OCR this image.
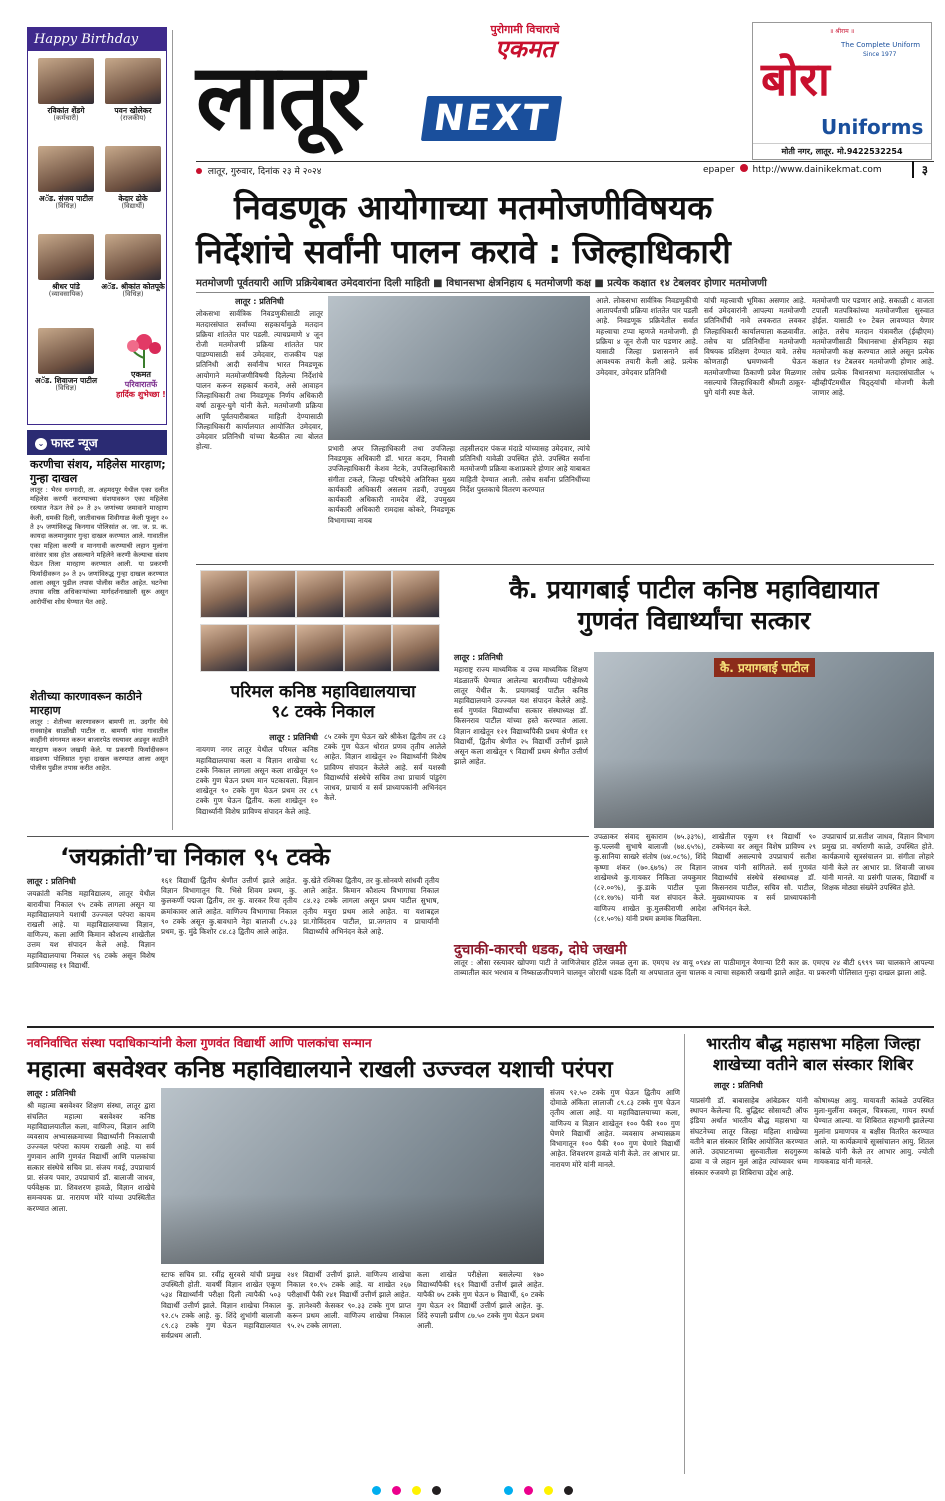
Happy Birthday
रविकांत शेंडगे
(कर्मचारी)
पवन खोलेकर
(राजकीय)
अॅड. संजय पाटील
(विधिज्ञ)
केदार ढोके
(विद्यार्थी)
श्रीधर पांडे
(व्यावसायिक)
अॅड. श्रीकांत कोतपूके
(विधिज्ञ)
अॅड. शिवाजन पाटील
(विधिज्ञ)
एकमत
परिवारातर्फे
हार्दिक शुभेच्छा !
⌄ फास्ट न्यूज
करणीचा संशय, महिलेस मारहाण; गुन्हा दाखल
लातूर : भैरव धनगादी, ता. अहमदपूर येथील एका दलीत महिलेस करणी करण्याच्या संशयावरून एका महिलेस रस्त्यात नेऊन तेथे ३० ते ३५ जणांच्या जमावाने मारहाण केली, धमकी दिली, जातीवाचक शिवीगाळ केली फूलून २० ते ३५ जणांविरुद्ध किनगाव पोलिसांत अ. जा. ज. प्र. क. कायदा कलमानुसार गुन्हा दाखल करण्यात आले. गावातील एका महिला करणी व मानगावी करण्याची लहान मुलांना वारंवार त्रास होत असल्याने महिलेने करणी केल्याचा संशय घेऊन तिला मारहाण करण्यात आली. या प्रकरणी फिर्यादीवरून ३० ते ३५ जणांविरुद्ध गुन्हा दाखल करण्यात आला असून पुढील तपास पोलीस करीत आहेत. घटनेचा तपास वरिष्ठ अधिकाऱ्यांच्या मार्गदर्शनाखाली सुरू असून आरोपींचा शोध घेण्यात येत आहे.
शेतीच्या कारणावरून काठीने मारहाण
लातूर : शेतीच्या कारणावरून बामणी ता. उदगीर येथे रावसाहेब साळोंखी पाटील रा. बामणी यांना गावातील काहींनी संगनमत करून बाजारपेठ रस्त्यावर अडवून काठीने मारहाण करून जखमी केले. या प्रकरणी फिर्यादीवरून वाढवणा पोलिसात गुन्हा दाखल करण्यात आला असून पोलीस पुढील तपास करीत आहेत.
लातूर
पुरोगामी विचाराचे
एकमत
NEXT
लातूर, गुरुवार, दिनांक २३ मे २०२४	epaper http://www.dainikekmat.com	३
॥ श्रीराम ॥
The Complete Uniform
Since 1977
बोरा
Uniforms
मोती नगर, लातूर. मो.9422532254
निवडणूक आयोगाच्या मतमोजणीविषयक
निर्देशांचे सर्वांनी पालन करावे : जिल्हाधिकारी
मतमोजणी पूर्वतयारी आणि प्रक्रियेबाबत उमेदवारांना दिली माहिती ■ विधानसभा क्षेत्रनिहाय ६ मतमोजणी कक्ष ■ प्रत्येक कक्षात १४ टेबलवर होणार मतमोजणी
लातूर : प्रतिनिधी
लोकसभा सार्वत्रिक निवडणुकीसाठी लातूर मतदारसंघात सर्वांच्या सहकार्यामुळे मतदान प्रक्रिया शांततेत पार पडली. त्याचप्रमाणे ४ जून रोजी मतमोजणी प्रक्रिया शांततेत पार पाडण्यासाठी सर्व उमेदवार, राजकीय पक्ष प्रतिनिधी आदी सर्वांनीच भारत निवडणूक आयोगाने मतमोजणीविषयी दिलेल्या निर्देशांचे पालन करून सहकार्य करावे, असे आवाहन जिल्हाधिकारी तथा निवडणूक निर्णय अधिकारी वर्षा ठाकूर-घुगे यांनी केले. मतमोजणी प्रक्रिया आणि पूर्वतयारीबाबत माहिती देण्यासाठी जिल्हाधिकारी कार्यालयात आयोजित उमेदवार, उमेदवार प्रतिनिधी यांच्या बैठकीत त्या बोलत होत्या.
आले. लोकसभा सार्वत्रिक निवडणुकीची आतापर्यंतची प्रक्रिया शांततेत पार पडली आहे. निवडणूक प्रक्रियेतील सर्वात महत्त्वाचा टप्पा म्हणजे मतमोजणी. ही प्रक्रिया ४ जून रोजी पार पडणार आहे. यासाठी जिल्हा प्रशासनाने सर्व आवश्यक तयारी केली आहे. प्रत्येक उमेदवार, उमेदवार प्रतिनिधी
यांची महत्त्वाची भूमिका असणार आहे. सर्व उमेदवारांनी आपल्या मतमोजणी प्रतिनिधींची नावे लवकरात लवकर जिल्हाधिकारी कार्यालयाला कळवावीत. तसेच या प्रतिनिधींना मतमोजणी विषयक प्रशिक्षण देण्यात यावे. तसेच कोणताही भ्रमणध्वनी घेऊन मतमोजणीच्या ठिकाणी प्रवेश मिळणार नसल्याचे जिल्हाधिकारी श्रीमती ठाकूर-घुगे यांनी स्पष्ट केले.
मतमोजणी पार पडणार आहे. सकाळी ८ वाजता टपाली मतपत्रिकांच्या मतमोजणीला सुरुवात होईल. यासाठी १० टेबल लावण्यात येणार आहेत. तसेच मतदान यंत्रावरील (ईव्हीएम) मतमोजणीसाठी विधानसभा क्षेत्रनिहाय सहा मतमोजणी कक्ष करण्यात आले असून प्रत्येक कक्षात १४ टेबलवर मतमोजणी होणार आहे. तसेच प्रत्येक विधानसभा मतदारसंघातील ५ व्हीव्हीपॅटमधील चिठ्ठ्यांची मोजणी केली जाणार आहे.
प्रभारी अपर जिल्हाधिकारी तथा उपजिल्हा निवडणूक अधिकारी डॉ. भारत कदम, निवासी उपजिल्हाधिकारी केशव नेटके, उपजिल्हाधिकारी संगीता टकले, जिल्हा परिषदेचे अतिरिक्त मुख्य कार्यकारी अधिकारी असलम तडवी, उपमुख्य कार्यकारी अधिकारी नामदेव शेंडे, उपमुख्य कार्यकारी अधिकारी रामदास कोकरे, निवडणूक विभागाच्या नायब
तहसीलदार पंकज मंदाडे यांच्यासह उमेदवार, त्यांचे प्रतिनिधी यावेळी उपस्थित होते. उपस्थित सर्वांना मतमोजणी प्रक्रिया कशाप्रकारे होणार आहे याबाबत माहिती देण्यात आली. तसेच सर्वांना प्रतिनिधींच्या निर्देश पुस्तकाचे वितरण करण्यात
परिमल कनिष्ठ महाविद्यालयाचा
९८ टक्के निकाल
लातूर : प्रतिनिधी
नायगण नगर लातूर येथील परिमल कनिष्ठ महाविद्यालयाचा कला व विज्ञान शाखेचा ९८ टक्के निकाल लागला असून कला शाखेतून ९० टक्के गुण घेऊन प्रथम मान पटकावला. विज्ञान शाखेतून ९० टक्के गुण घेऊन प्रथम तर ८९ टक्के गुण घेऊन द्वितीय. कला शाखेतून १० विद्यार्थ्यांनी विशेष प्राविण्य संपादन केले आहे.
८५ टक्के गुण घेऊन खरे श्रीकेश द्वितीय तर ८३ टक्के गुण घेऊन थोरात प्रणव तृतीय आलेले आहेत. विज्ञान शाखेतून २० विद्यार्थ्यांनी विशेष प्राविण्य संपादन केलेले आहे. सर्व यशस्वी विद्यार्थ्यांचे संस्थेचे सचिव तथा प्राचार्य पांडुरंग जाधव, प्राचार्य व सर्व प्राध्यापकांनी अभिनंदन केले.
कै. प्रयागबाई पाटील कनिष्ठ महाविद्यायात
गुणवंत विद्यार्थ्यांचा सत्कार
लातूर : प्रतिनिधी
महाराष्ट्र राज्य माध्यमिक व उच्च माध्यमिक शिक्षण मंडळातर्फे घेण्यात आलेल्या बारावीच्या परीक्षेमध्ये लातूर येथील कै. प्रयागबाई पाटील कनिष्ठ महाविद्यालयाने उज्ज्वल यश संपादन केलेले आहे. सर्व गुणवंत विद्यार्थ्यांचा सत्कार संस्थाध्यक्ष डॉ. किसनराव पाटील यांच्या हस्ते करण्यात आला. विज्ञान शाखेतून १२१ विद्यार्थ्यांपैकी प्रथम श्रेणीत ११ विद्यार्थी, द्वितीय श्रेणीत २५ विद्यार्थी उत्तीर्ण झाले असून कला शाखेतून ९ विद्यार्थी प्रथम श्रेणीत उत्तीर्ण झाले आहेत.
कै. प्रयागबाई पाटील
उपळाकर संवाद सुकाराम (७५.३३%), कु.पल्लवी सुभाषे बालाजी (७४.६५%), कु.सानिया साखरे संतोष (७४.०८%), शिंदे कृष्णा शंकर (७०.६७%) तर विज्ञान शाखेमध्ये कु.गायकर निकिता जयकुमार (८२.००%), कु.डाके पाटील पूजा (८१.१७%) यांनी यश संपादन केले. वाणिज्य शाखेत कु.मुलकीराणी आदेश (८१.५०%) यांनी प्रथम क्रमांक मिळविला.
शाखेतील एकूण ११ विद्यार्थी ९० टक्केच्या वर असून विशेष प्राविण्य २९ विद्यार्थी असल्याचे उपप्राचार्य सतीश जाधव यांनी सांगितले. सर्व गुणवंत विद्यार्थ्यांचे संस्थेचे संस्थाध्यक्ष डॉ. किसनराव पाटील, सचिव सौ. पाटील, मुख्याध्यापक व सर्व प्राध्यापकांनी अभिनंदन केले.
उपप्राचार्य प्रा.सतीश जाधव, विज्ञान विभाग प्रमुख प्रा. वर्षाराणी काळे, उपस्थित होते. कार्यक्रमाचे सूत्रसंचालन प्रा. संगीता लोहारे यांनी केले तर आभार प्रा. शिवाजी जाधव यांनी मानले. या प्रसंगी पालक, विद्यार्थी व शिक्षक मोठ्या संख्येने उपस्थित होते.
‘जयक्रांती’चा निकाल ९५ टक्के
लातूर : प्रतिनिधी
जयक्रांती कनिष्ठ महाविद्यालय, लातूर येथील बारावीचा निकाल ९५ टक्के लागला असून या महाविद्यालयाने यशाची उज्ज्वल परंपरा कायम राखली आहे. या महाविद्यालयाच्या विज्ञान, वाणिज्य, कला आणि किमान कौशल्य शाखेतील उत्तम यश संपादन केले आहे. विज्ञान महाविद्यालयाचा निकाल ९६ टक्के असून विशेष प्राविण्यासह ११ विद्यार्थी.
१६१ विद्यार्थी द्वितीय श्रेणीत उत्तीर्ण झाले आहेत. विज्ञान विभागातून चि. भिसे शिवम प्रथम, कु. कुलकर्णी पद्मजा द्वितीय, तर कु. वारकर रिया तृतीय क्रमांकावर आले आहेत. वाणिज्य विभागाचा निकाल ९० टक्के असून कु.बावधाने नेहा बालाजी ८५.३३ प्रथम, कु. मुंढे किशोर ८४.८३ द्वितीय आले आहेत.
कु.खेते रश्मिका द्वितीय, तर कु.सोनवणे सांधवी तृतीय आले आहेत. किमान कौशल्य विभागाचा निकाल ८४.२३ टक्के लागला असून प्रथम पाटील सुभाष, तृतीय मयुरा प्रथम आले आहेत. या यशाबद्दल प्रा.गोविंदराव पाटील, प्रा.जगताप व प्राचार्यांनी विद्यार्थ्यांचे अभिनंदन केले आहे.
दुचाकी-कारची धडक, दोघे जखमी
लातूर : औसा रस्त्यावर खोपणा पाटी ते जाणिजेचार हॉटेल जवळ लुना क्र. एमएच २४ वायू ०९४४ ला पाठीमागून येणाऱ्या टिरी कार क्र. एमएच २४ बीटी ६९९९ च्या चालकाने आपल्या ताब्यातील कार भरधाव व निष्काळजीपणाने चालवून जोराची धडक दिली या अपघातात लुना चालक व त्याचा सहकारी जखमी झाले आहेत. या प्रकरणी पोलिसात गुन्हा दाखल झाला आहे.
नवनिर्वाचित संस्था पदाधिकाऱ्यांनी केला गुणवंत विद्यार्थी आणि पालकांचा सन्मान
महात्मा बसवेश्वर कनिष्ठ महाविद्यालयाने राखली उज्ज्वल यशाची परंपरा
लातूर : प्रतिनिधी
श्री महात्मा बसवेश्वर शिक्षण संस्था, लातूर द्वारा संचलित महात्मा बसवेश्वर कनिष्ठ महाविद्यालयातील कला, वाणिज्य, विज्ञान आणि व्यवसाय अभ्यासक्रमाच्या विद्यार्थ्यांनी निकालाची उज्ज्वल परंपरा कायम राखली आहे. या सर्व गुणवान आणि गुणवंत विद्यार्थी आणि पालकांचा सत्कार संस्थेचे सचिव प्रा. संजय गवई, उपप्राचार्य प्रा. संजय पवार, उपप्राचार्य डॉ. बालाजी जाधव, पर्यवेक्षक प्रा. शिवशरण हावळे, विज्ञान शाखेचे समन्वयक प्रा. नारायण मोरे यांच्या उपस्थितीत करण्यात आला.
संजय ९२.५० टक्के गुण घेऊन द्वितीय आणि दोमाळे अंकिता लालाजी ८९.८३ टक्के गुण घेऊन तृतीय आला आहे. या महाविद्यालयाच्या कला, वाणिज्य व विज्ञान शाखेतून १०० पैकी १०० गुण घेणारे विद्यार्थी आहेत. व्यवसाय अभ्यासक्रम विभागातून १०० पैकी १०० गुण घेणारे विद्यार्थी आहेत. शिवशरण हावळे यांनी केले. तर आभार प्रा. नारायण मोरे यांनी मानले.
स्टाफ सचिव प्रा. रवींद्र सुरवसे यांची प्रमुख उपस्थिती होती. यावर्षी विज्ञान शाखेत एकूण ५३४ विद्यार्थ्यांनी परीक्षा दिली त्यापैकी ५०३ विद्यार्थी उत्तीर्ण झाले. विज्ञान शाखेचा निकाल ९२.८५ टक्के आहे. कु. शिंदे शुभांगी बालाजी ८९.८३ टक्के गुण घेऊन महाविद्यालयात सर्वप्रथम आली.
२४१ विद्यार्थी उत्तीर्ण झाले. वाणिज्य शाखेचा निकाल १०.९५ टक्के आहे. या शाखेत २६७ परीक्षार्थी पैकी २४१ विद्यार्थी उत्तीर्ण झाले आहेत. कु. ज्ञानेश्वरी केसकर ९०.३३ टक्के गुण प्राप्त करून प्रथम आली. वाणिज्य शाखेचा निकाल ९५.२५ टक्के लागला.
कला शाखेत परीक्षेला बसलेल्या १७० विद्यार्थ्यांपैकी १६१ विद्यार्थी उत्तीर्ण झाले आहेत. यापैकी ७५ टक्के गुण घेऊन ७ विद्यार्थी, ६० टक्के गुण घेऊन २१ विद्यार्थी उत्तीर्ण झाले आहेत. कु. शिंदे रुपाली प्रवीण ८७.५० टक्के गुण घेऊन प्रथम आली.
भारतीय बौद्ध महासभा महिला जिल्हा
शाखेच्या वतीने बाल संस्कार शिबिर
लातूर : प्रतिनिधी
याप्रसंगी डॉ. बाबासाहेब आंबेडकर यांनी स्थापन केलेल्या दि. बुद्धिस्ट सोसायटी ऑफ इंडिया अर्थात भारतीय बौद्ध महासभा या संघटनेच्या लातूर जिल्हा महिला शाखेच्या वतीने बाल संस्कार शिबिर आयोजित करण्यात आले. उदघाटनाच्या सुरुवातीला सदगुरूण ढावा व जे लहान मुलं आहेत त्यांच्यावर धम्म संस्कार रुजवणे हा शिबिराचा उद्देश आहे.
कोषाध्यक्ष आयु. मायावती कांबळे उपस्थित मुला-मुलींना वक्तृत्व, चित्रकला, गायन स्पर्धा घेण्यात आल्या. या शिबिरात सहभागी झालेल्या मुलांना प्रमाणपत्र व बक्षीस वितरित करण्यात आले. या कार्यक्रमाचे सूत्रसंचालन आयु. शितल कांबळे यांनी केले तर आभार आयु. ज्योती गायकवाड यांनी मानले.
